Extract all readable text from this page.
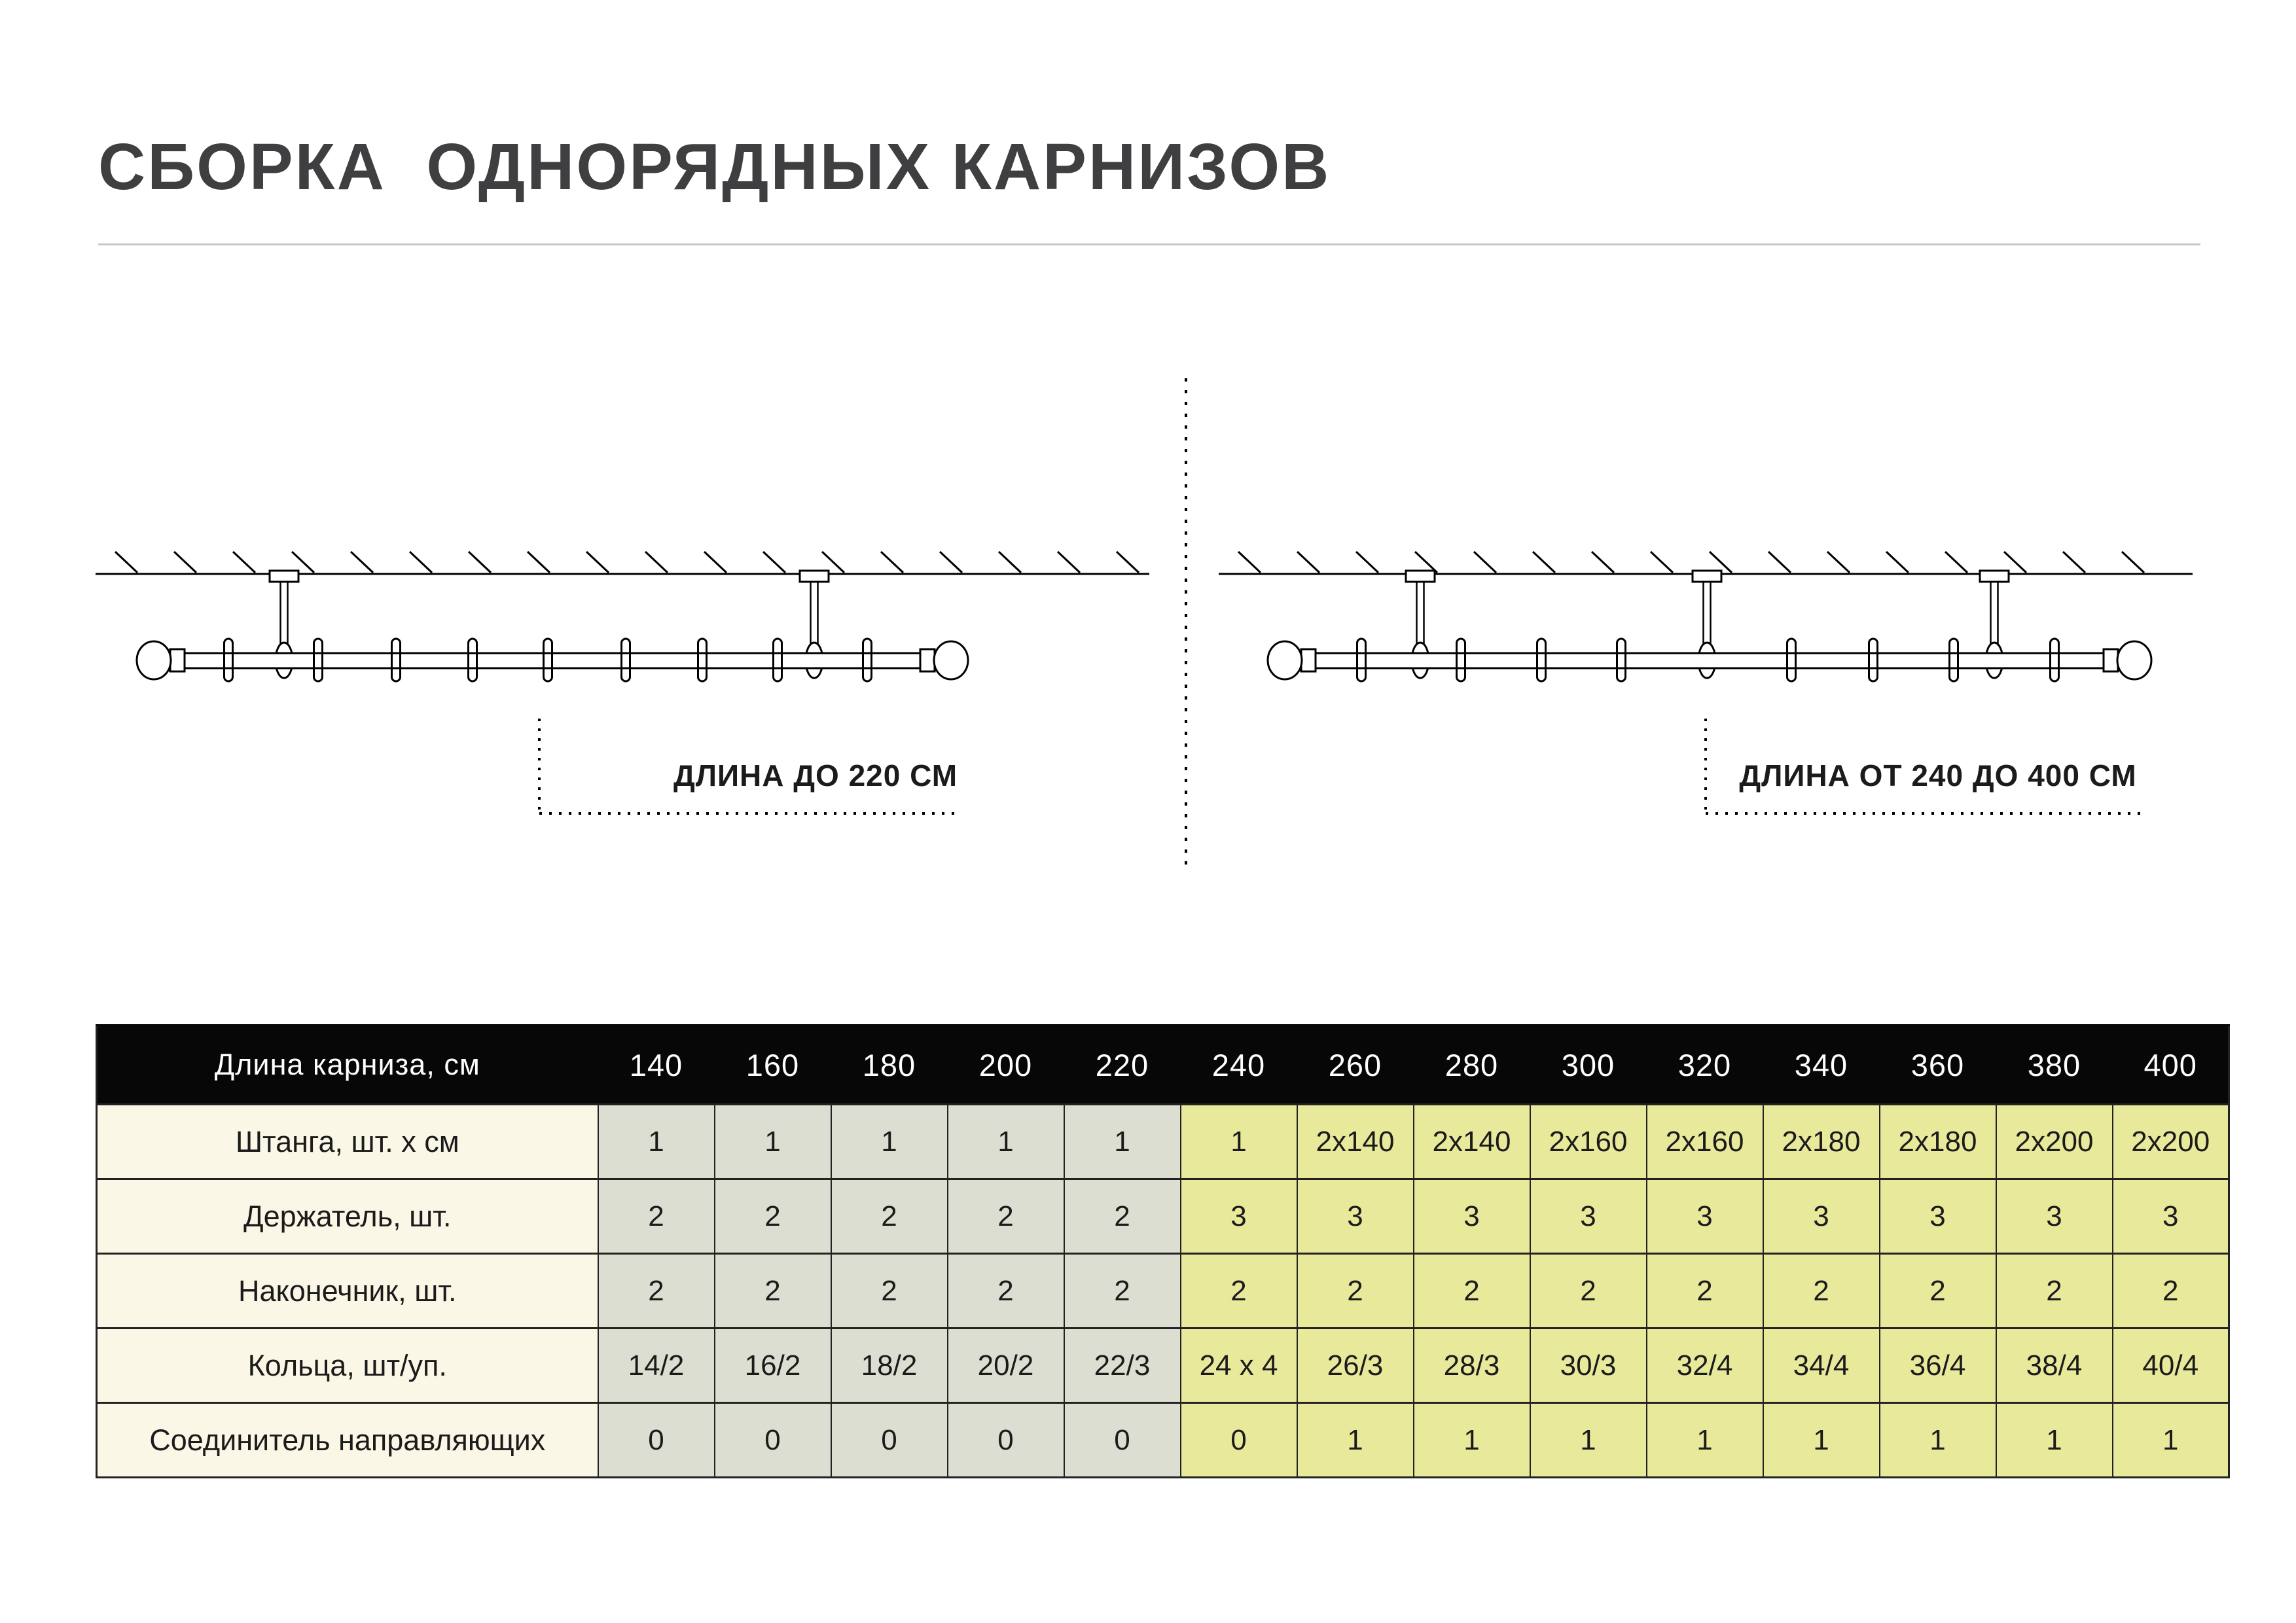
СБОРКА  ОДНОРЯДНЫХ КАРНИЗОВ
ДЛИНА ДО 220 СМ	ДЛИНА ОТ 240 ДО 400 СМ
Длина карниза, см	140	160	180	200	220	240	260	280	300	320	340	360	380	400
Штанга, шт. х см	1	1	1	1	1	1	2х140	2х140	2х160	2х160	2х180	2х180	2х200	2х200
Держатель, шт.	2	2	2	2	2	3	3	3	3	3	3	3	3	3
Наконечник, шт.	2	2	2	2	2	2	2	2	2	2	2	2	2	2
Кольца, шт/уп.	14/2	16/2	18/2	20/2	22/3	24 х 4	26/3	28/3	30/3	32/4	34/4	36/4	38/4	40/4
Соединитель направляющих	0	0	0	0	0	0	1	1	1	1	1	1	1	1
